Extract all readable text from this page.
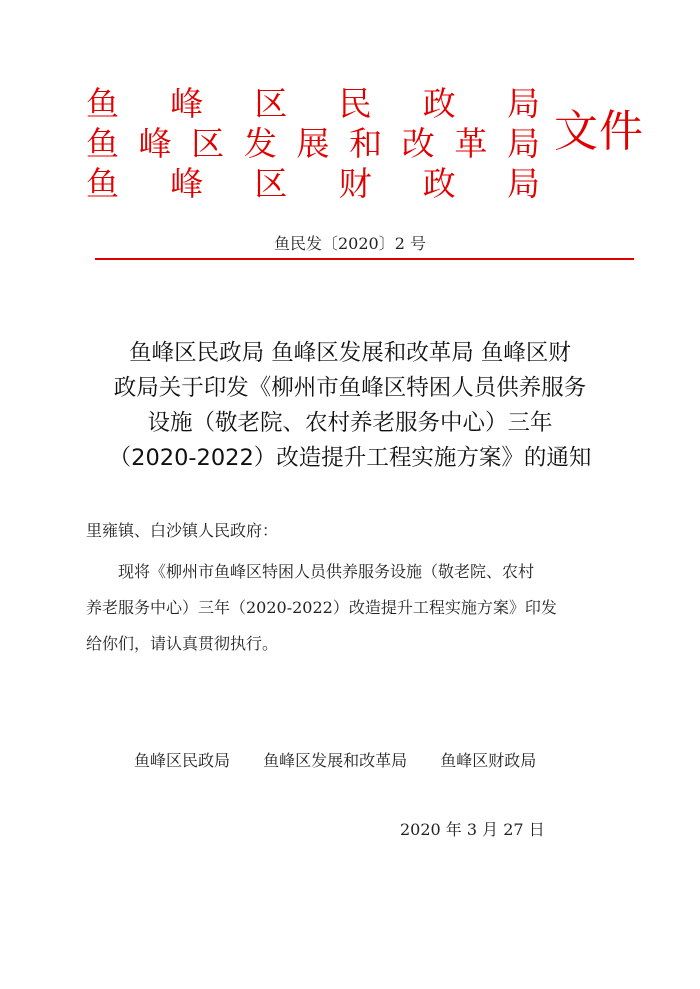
鱼 峰 区 民 政 局
鱼 峰 区 发 展 和 改 革 局
鱼 峰 区 财 政 局
文件
鱼民发〔2020〕2 号
鱼峰区民政局 鱼峰区发展和改革局 鱼峰区财
政局关于印发《柳州市鱼峰区特困人员供养服务
设施（敬老院、农村养老服务中心）三年
（2020-2022）改造提升工程实施方案》的通知
里雍镇、白沙镇人民政府：
　　现将《柳州市鱼峰区特困人员供养服务设施（敬老院、农村
养老服务中心）三年（2020-2022）改造提升工程实施方案》印发
给你们，请认真贯彻执行。
鱼峰区民政局 鱼峰区发展和改革局 鱼峰区财政局
2020 年 3 月 27 日
